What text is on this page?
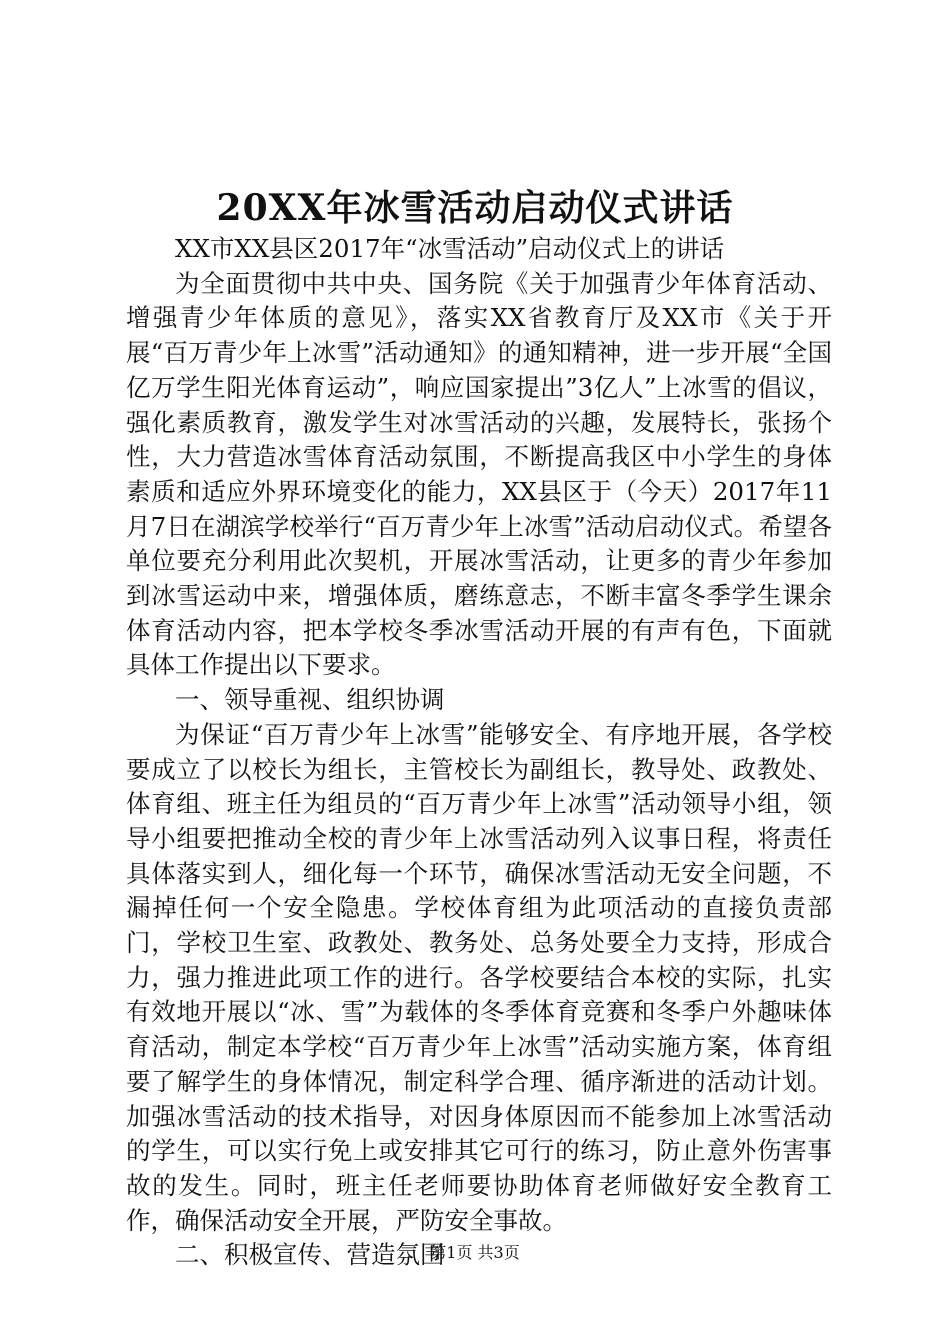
20XX年冰雪活动启动仪式讲话

XX市XX县区2017年“冰雪活动”启动仪式上的讲话

为全面贯彻中共中央、国务院《关于加强青少年体育活动、增强青少年体质的意见》，落实XX省教育厅及XX市《关于开展“百万青少年上冰雪”活动通知》的通知精神，进一步开展“全国亿万学生阳光体育运动”，响应国家提出”3亿人”上冰雪的倡议，强化素质教育，激发学生对冰雪活动的兴趣，发展特长，张扬个性，大力营造冰雪体育活动氛围，不断提高我区中小学生的身体素质和适应外界环境变化的能力，XX县区于（今天）2017年11月7日在湖滨学校举行“百万青少年上冰雪”活动启动仪式。希望各单位要充分利用此次契机，开展冰雪活动，让更多的青少年参加到冰雪运动中来，增强体质，磨练意志，不断丰富冬季学生课余体育活动内容，把本学校冬季冰雪活动开展的有声有色，下面就具体工作提出以下要求。

一、领导重视、组织协调

为保证“百万青少年上冰雪”能够安全、有序地开展，各学校要成立了以校长为组长，主管校长为副组长，教导处、政教处、体育组、班主任为组员的“百万青少年上冰雪”活动领导小组，领导小组要把推动全校的青少年上冰雪活动列入议事日程，将责任具体落实到人，细化每一个环节，确保冰雪活动无安全问题，不漏掉任何一个安全隐患。学校体育组为此项活动的直接负责部门，学校卫生室、政教处、教务处、总务处要全力支持，形成合力，强力推进此项工作的进行。各学校要结合本校的实际，扎实有效地开展以“冰、雪”为载体的冬季体育竞赛和冬季户外趣味体育活动，制定本学校“百万青少年上冰雪”活动实施方案，体育组要了解学生的身体情况，制定科学合理、循序渐进的活动计划。加强冰雪活动的技术指导，对因身体原因而不能参加上冰雪活动的学生，可以实行免上或安排其它可行的练习，防止意外伤害事故的发生。同时，班主任老师要协助体育老师做好安全教育工作，确保活动安全开展，严防安全事故。

二、积极宣传、营造氛围

第1页 共3页
